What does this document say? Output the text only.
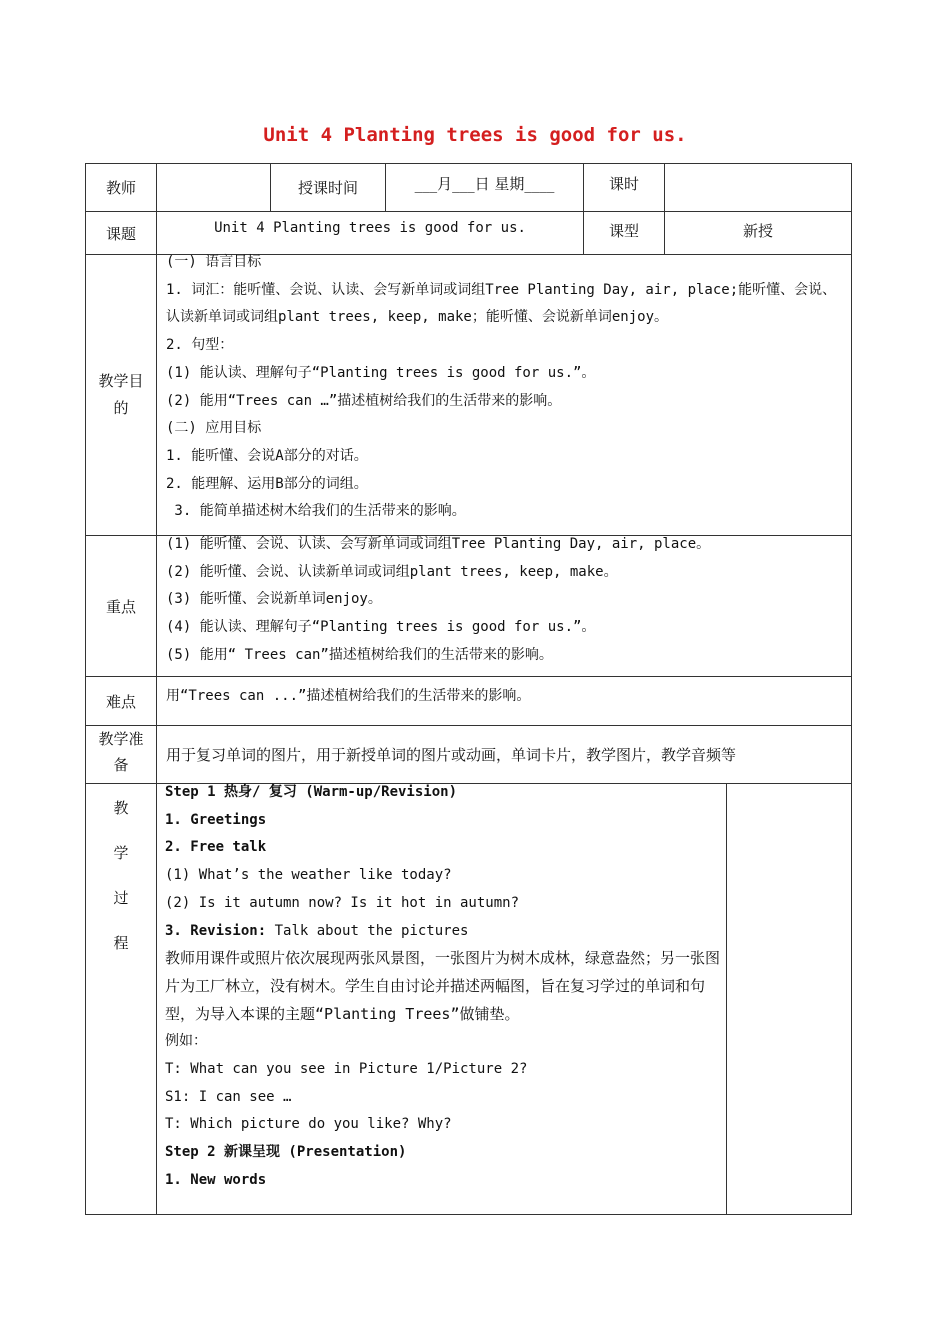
Unit 4 Planting trees is good for us.
教师		授课时间	___月___日 星期____	课时	
课题	Unit 4 Planting trees is good for us.	课型	新授

教学目的

(一) 语言目标
1. 词汇：能听懂、会说、认读、会写新单词或词组Tree Planting Day, air, place;能听懂、会说、认读新单词或词组plant trees, keep, make；能听懂、会说新单词enjoy。
2. 句型：
(1) 能认读、理解句子“Planting trees is good for us.”。
(2) 能用“Trees can …”描述植树给我们的生活带来的影响。
(二) 应用目标
1. 能听懂、会说A部分的对话。
2. 能理解、运用B部分的词组。
3. 能简单描述树木给我们的生活带来的影响。

重点	
(1) 能听懂、会说、认读、会写新单词或词组Tree Planting Day, air, place。
(2) 能听懂、会说、认读新单词或词组plant trees, keep, make。
(3) 能听懂、会说新单词enjoy。
(4) 能认读、理解句子“Planting trees is good for us.”。
(5) 能用“ Trees can”描述植树给我们的生活带来的影响。

难点	用“Trees can ...”描述植树给我们的生活带来的影响。

教学准备
	用于复习单词的图片，用于新授单词的图片或动画，单词卡片，教学图片，教学音频等

教
学
过
程

Step 1 热身/ 复习 (Warm-up/Revision)
1. Greetings
2. Free talk
(1) What’s the weather like today?
(2) Is it autumn now? Is it hot in autumn?
3. Revision: Talk about the pictures
教师用课件或照片依次展现两张风景图，一张图片为树木成林，绿意盎然；另一张图片为工厂林立，没有树木。学生自由讨论并描述两幅图，旨在复习学过的单词和句型，为导入本课的主题“Planting Trees”做铺垫。
例如：
T: What can you see in Picture 1/Picture 2?
S1: I can see …
T: Which picture do you like? Why?
Step 2 新课呈现 (Presentation)
1. New words
